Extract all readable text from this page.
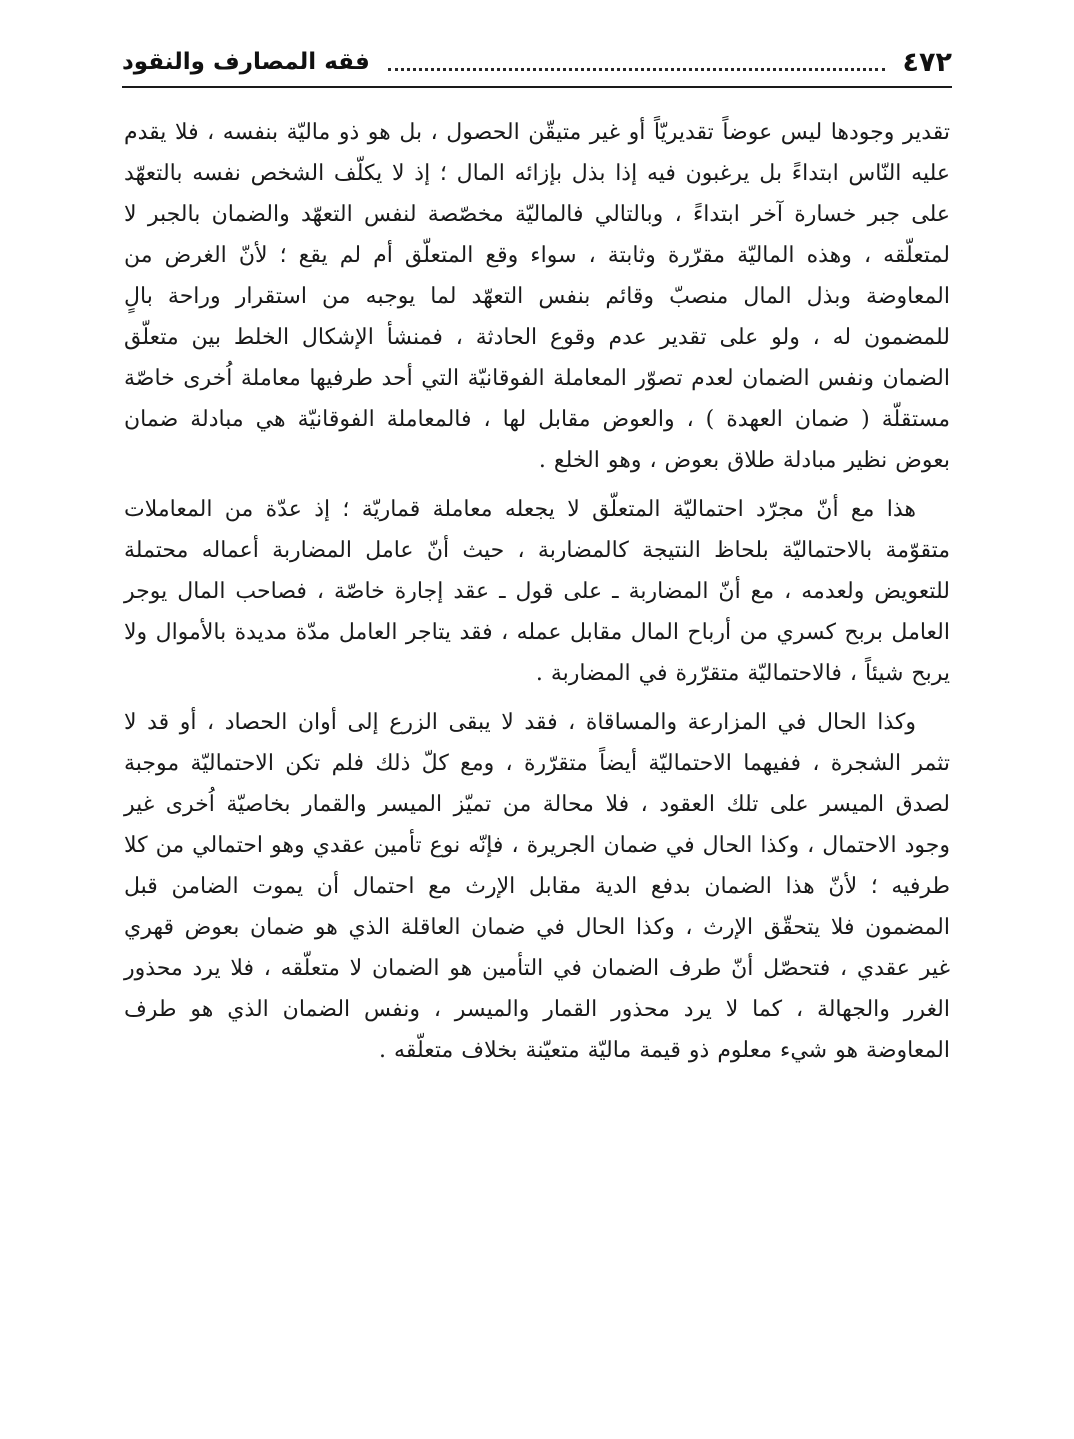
٤٧٢
فقه المصارف والنقود

تقدير وجودها ليس عوضاً تقديريّاً أو غير متيقّن الحصول ، بل هو ذو ماليّة بنفسه ، فلا يقدم عليه النّاس ابتداءً بل يرغبون فيه إذا بذل بإزائه المال ؛ إذ لا يكلّف الشخص نفسه بالتعهّد على جبر خسارة آخر ابتداءً ، وبالتالي فالماليّة مخصّصة لنفس التعهّد والضمان بالجبر لا لمتعلّقه ، وهذه الماليّة مقرّرة وثابتة ، سواء وقع المتعلّق أم لم يقع ؛ لأنّ الغرض من المعاوضة وبذل المال منصبّ وقائم بنفس التعهّد لما يوجبه من استقرار وراحة بالٍ للمضمون له ، ولو على تقدير عدم وقوع الحادثة ، فمنشأ الإشكال الخلط بين متعلّق الضمان ونفس الضمان لعدم تصوّر المعاملة الفوقانيّة التي أحد طرفيها معاملة اُخرى خاصّة مستقلّة ( ضمان العهدة ) ، والعوض مقابل لها ، فالمعاملة الفوقانيّة هي مبادلة ضمان بعوض نظير مبادلة طلاق بعوض ، وهو الخلع .

هذا مع أنّ مجرّد احتماليّة المتعلّق لا يجعله معاملة قماريّة ؛ إذ عدّة من المعاملات متقوّمة بالاحتماليّة بلحاظ النتيجة كالمضاربة ، حيث أنّ عامل المضاربة أعماله محتملة للتعويض ولعدمه ، مع أنّ المضاربة ـ على قول ـ عقد إجارة خاصّة ، فصاحب المال يوجر العامل بربح كسري من أرباح المال مقابل عمله ، فقد يتاجر العامل مدّة مديدة بالأموال ولا يربح شيئاً ، فالاحتماليّة متقرّرة في المضاربة .

وكذا الحال في المزارعة والمساقاة ، فقد لا يبقى الزرع إلى أوان الحصاد ، أو قد لا تثمر الشجرة ، ففيهما الاحتماليّة أيضاً متقرّرة ، ومع كلّ ذلك فلم تكن الاحتماليّة موجبة لصدق الميسر على تلك العقود ، فلا محالة من تميّز الميسر والقمار بخاصيّة اُخرى غير وجود الاحتمال ، وكذا الحال في ضمان الجريرة ، فإنّه نوع تأمين عقدي وهو احتمالي من كلا طرفيه ؛ لأنّ هذا الضمان بدفع الدية مقابل الإرث مع احتمال أن يموت الضامن قبل المضمون فلا يتحقّق الإرث ، وكذا الحال في ضمان العاقلة الذي هو ضمان بعوض قهري غير عقدي ، فتحصّل أنّ طرف الضمان في التأمين هو الضمان لا متعلّقه ، فلا يرد محذور الغرر والجهالة ، كما لا يرد محذور القمار والميسر ، ونفس الضمان الذي هو طرف المعاوضة هو شيء معلوم ذو قيمة ماليّة متعيّنة بخلاف متعلّقه .
